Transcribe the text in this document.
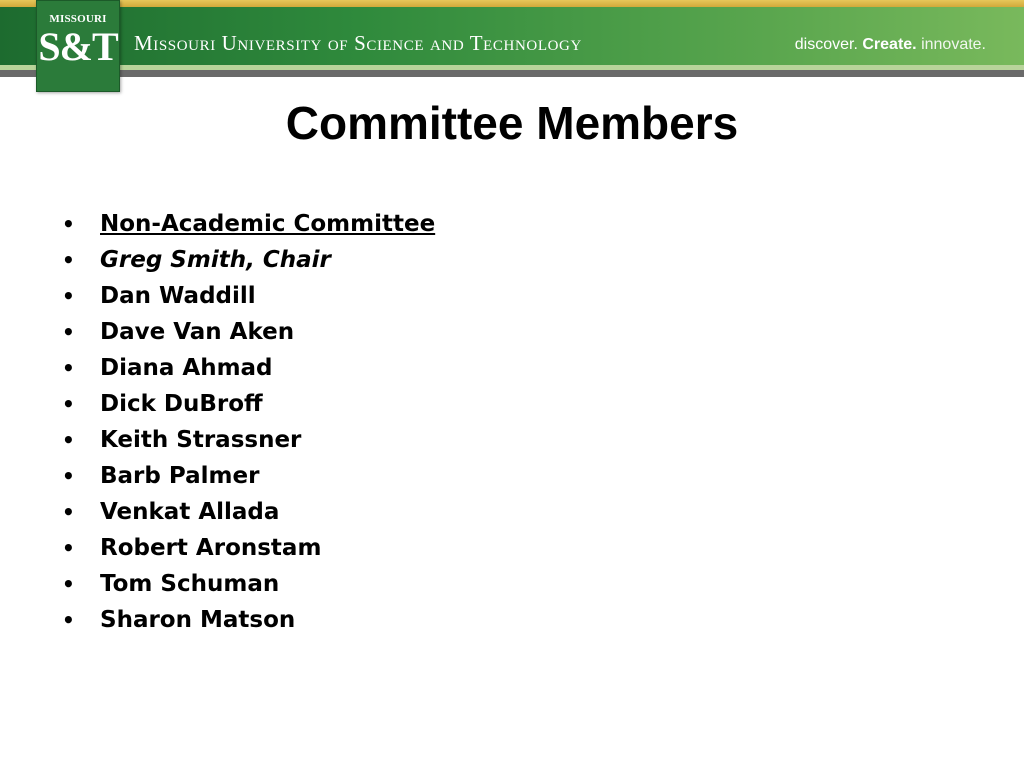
MISSOURI
S&T Missouri University of Science and Technology	discover. Create. innovate.
Committee Members
• Non-Academic Committee
• Greg Smith, Chair
• Dan Waddill
• Dave Van Aken
• Diana Ahmad
• Dick DuBroff
• Keith Strassner
• Barb Palmer
• Venkat Allada
• Robert Aronstam
• Tom Schuman
• Sharon Matson
